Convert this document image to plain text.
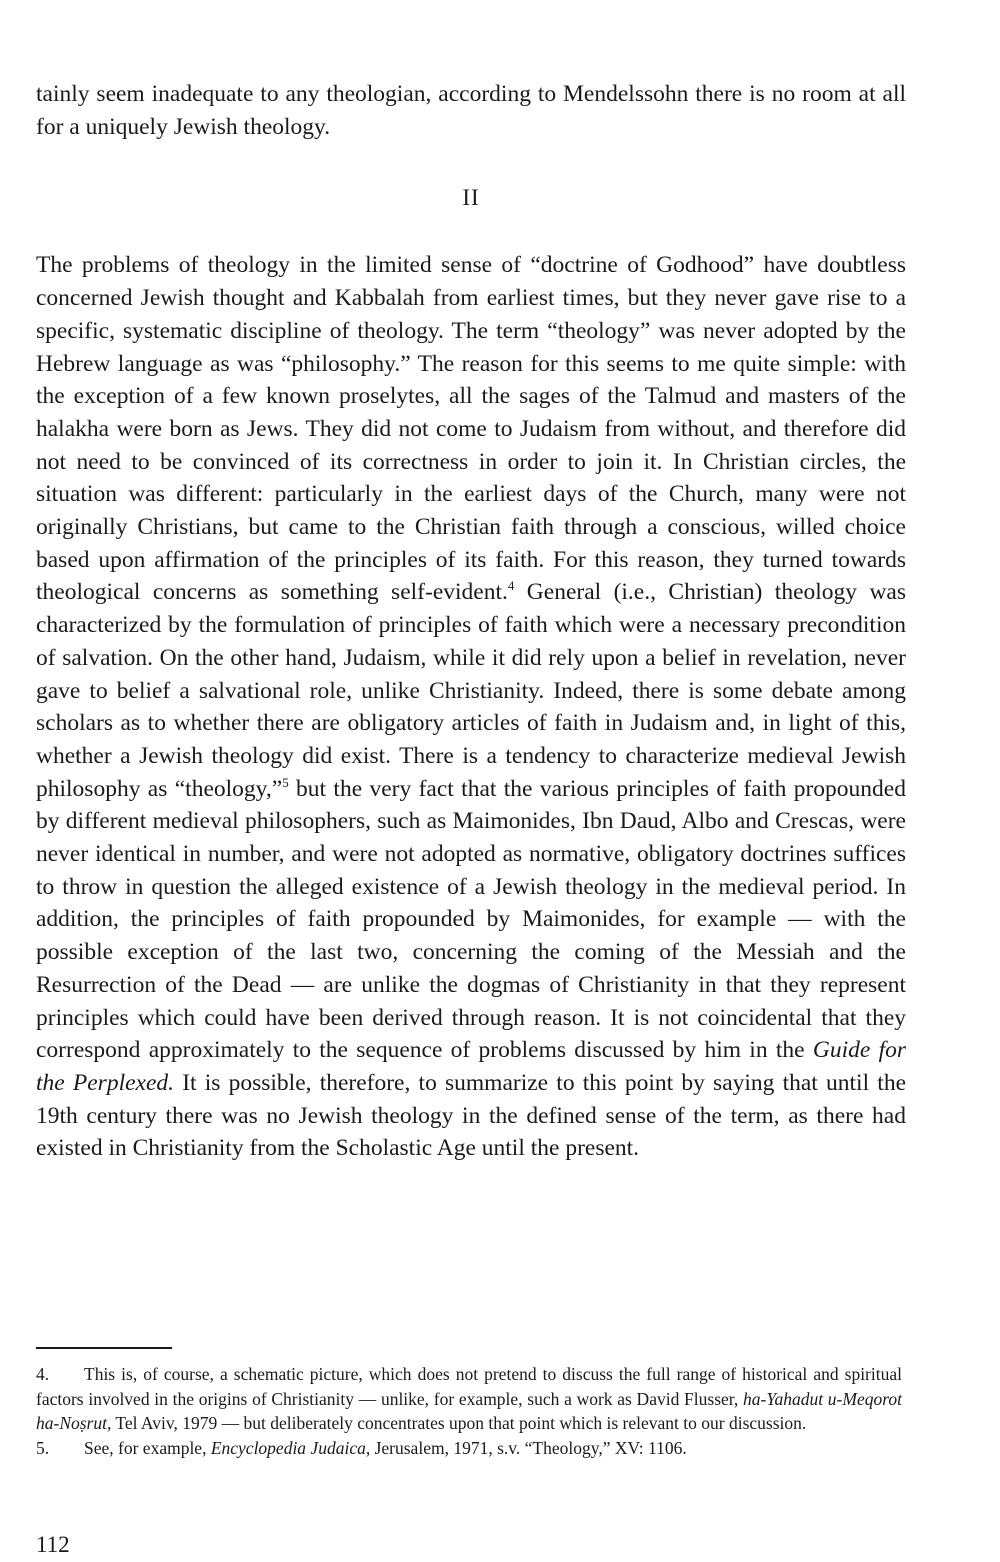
tainly seem inadequate to any theologian, according to Mendelssohn there is no room at all for a uniquely Jewish theology.

II

The problems of theology in the limited sense of “doctrine of Godhood” have doubtless concerned Jewish thought and Kabbalah from earliest times, but they never gave rise to a specific, systematic discipline of theology. The term “theology” was never adopted by the Hebrew language as was “philosophy.” The reason for this seems to me quite simple: with the exception of a few known proselytes, all the sages of the Talmud and masters of the halakha were born as Jews. They did not come to Judaism from without, and therefore did not need to be convinced of its correctness in order to join it. In Christian circles, the situation was different: particularly in the earliest days of the Church, many were not originally Christians, but came to the Christian faith through a conscious, willed choice based upon affirmation of the principles of its faith. For this reason, they turned towards theological concerns as something self-evident.$^4$ General (i.e., Christian) theology was characterized by the formulation of principles of faith which were a necessary precondition of salvation. On the other hand, Judaism, while it did rely upon a belief in revelation, never gave to belief a salvational role, unlike Christianity. Indeed, there is some debate among scholars as to whether there are obligatory articles of faith in Judaism and, in light of this, whether a Jewish theology did exist. There is a tendency to characterize medieval Jewish philosophy as “theology,”$^5$ but the very fact that the various principles of faith propounded by different medieval philosophers, such as Maimonides, Ibn Daud, Albo and Crescas, were never identical in number, and were not adopted as normative, obligatory doctrines suffices to throw in question the alleged existence of a Jewish theology in the medieval period. In addition, the principles of faith propounded by Maimonides, for example — with the possible exception of the last two, concerning the coming of the Messiah and the Resurrection of the Dead — are unlike the dogmas of Christianity in that they represent principles which could have been derived through reason. It is not coincidental that they correspond approximately to the sequence of problems discussed by him in the Guide for the Perplexed. It is possible, therefore, to summarize to this point by saying that until the 19th century there was no Jewish theology in the defined sense of the term, as there had existed in Christianity from the Scholastic Age until the present.

4. This is, of course, a schematic picture, which does not pretend to discuss the full range of historical and spiritual factors involved in the origins of Christianity — unlike, for example, such a work as David Flusser, ha-Yahadut u-Meqorot ha-Noṣrut, Tel Aviv, 1979 — but deliberately concentrates upon that point which is relevant to our discussion.

5. See, for example, Encyclopedia Judaica, Jerusalem, 1971, s.v. “Theology,” XV: 1106.

112
